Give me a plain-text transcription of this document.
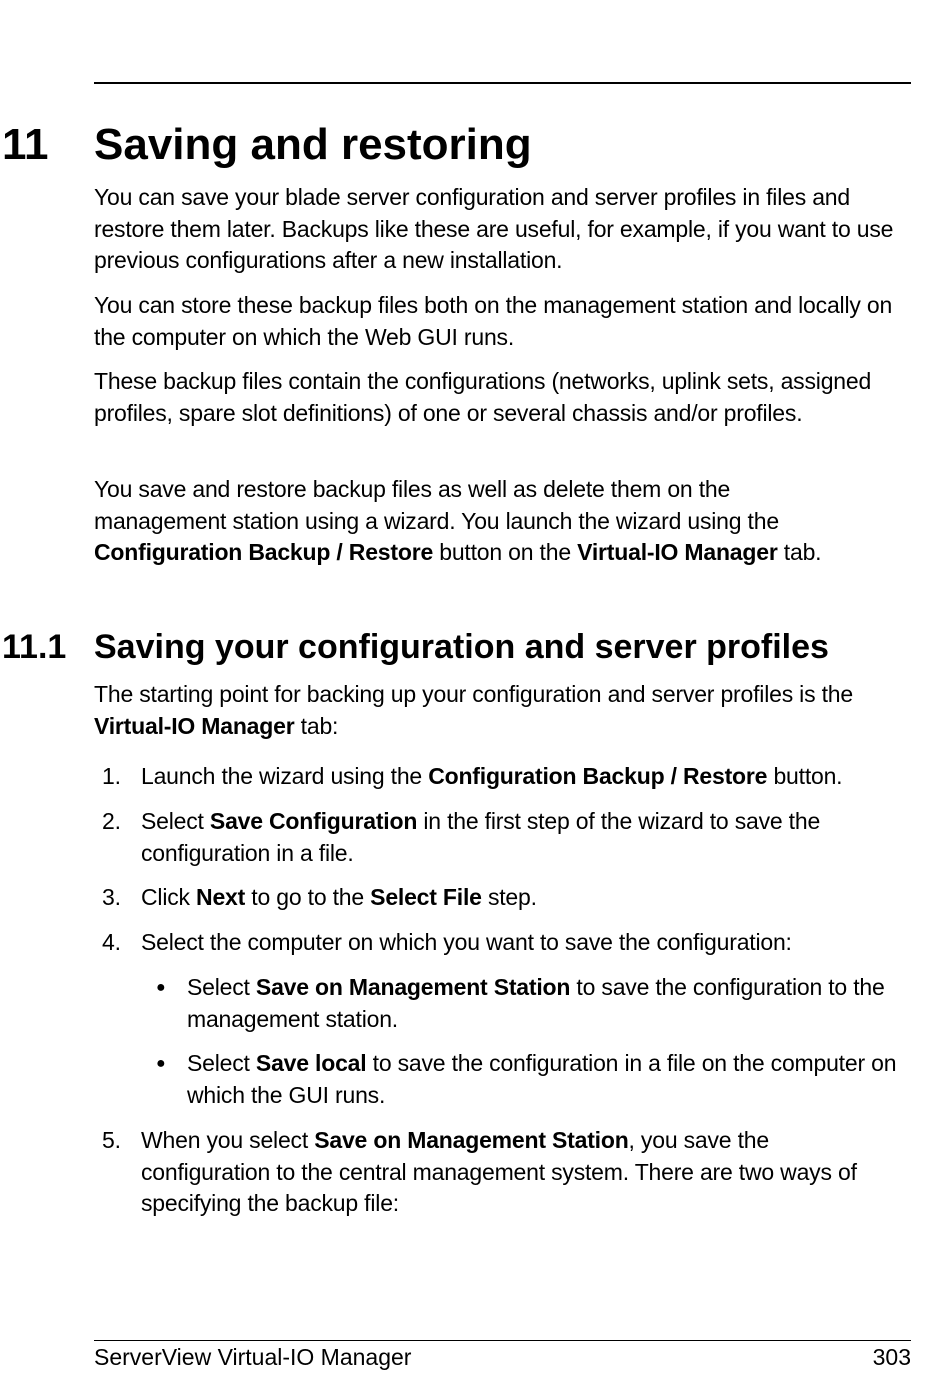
11 Saving and restoring

You can save your blade server configuration and server profiles in files and restore them later. Backups like these are useful, for example, if you want to use previous configurations after a new installation.

You can store these backup files both on the management station and locally on the computer on which the Web GUI runs.

These backup files contain the configurations (networks, uplink sets, assigned profiles, spare slot definitions) of one or several chassis and/or profiles.

You save and restore backup files as well as delete them on the management station using a wizard. You launch the wizard using the Configuration Backup / Restore button on the Virtual-IO Manager tab.

11.1 Saving your configuration and server profiles

The starting point for backing up your configuration and server profiles is the Virtual-IO Manager tab:

1. Launch the wizard using the Configuration Backup / Restore button.
2. Select Save Configuration in the first step of the wizard to save the configuration in a file.
3. Click Next to go to the Select File step.
4. Select the computer on which you want to save the configuration:
● Select Save on Management Station to save the configuration to the management station.
● Select Save local to save the configuration in a file on the computer on which the GUI runs.
5. When you select Save on Management Station, you save the configuration to the central management system. There are two ways of specifying the backup file:
ServerView Virtual-IO Manager	303
